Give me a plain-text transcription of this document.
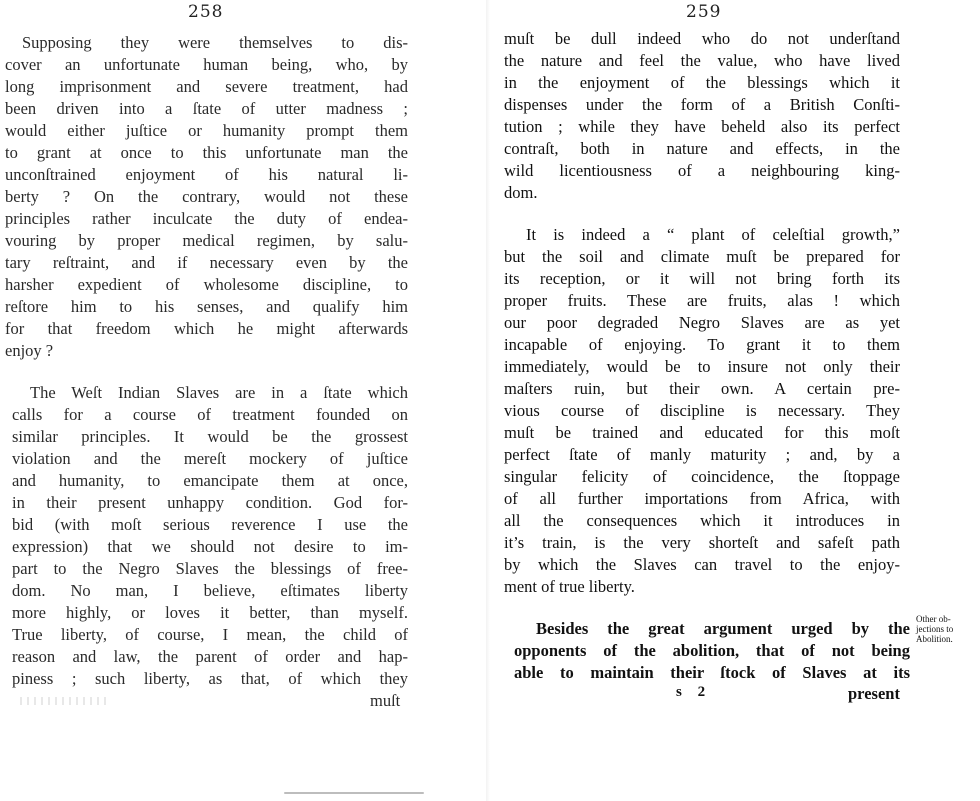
258
Supposing they were themselves to dis-
cover an unfortunate human being, who, by
long imprisonment and severe treatment, had
been driven into a ſtate of utter madness ;
would either juſtice or humanity prompt them
to grant at once to this unfortunate man the
unconſtrained enjoyment of his natural li-
berty ? On the contrary, would not these
principles rather inculcate the duty of endea-
vouring by proper medical regimen, by salu-
tary reſtraint, and if necessary even by the
harsher expedient of wholesome discipline, to
reſtore him to his senses, and qualify him
for that freedom which he might afterwards
enjoy ?
The Weſt Indian Slaves are in a ſtate which
calls for a course of treatment founded on
similar principles. It would be the grossest
violation and the mereſt mockery of juſtice
and humanity, to emancipate them at once,
in their present unhappy condition. God for-
bid (with moſt serious reverence I use the
expression) that we should not desire to im-
part to the Negro Slaves the blessings of free-
dom. No man, I believe, eſtimates liberty
more highly, or loves it better, than myself.
True liberty, of course, I mean, the child of
reason and law, the parent of order and hap-
piness ; such liberty, as that, of which they
muſt
259
muſt be dull indeed who do not underſtand
the nature and feel the value, who have lived
in the enjoyment of the blessings which it
dispenses under the form of a British Conſti-
tution ; while they have beheld also its perfect
contraſt, both in nature and effects, in the
wild licentiousness of a neighbouring king-
dom.
It is indeed a “ plant of celeſtial growth,”
but the soil and climate muſt be prepared for
its reception, or it will not bring forth its
proper fruits. These are fruits, alas ! which
our poor degraded Negro Slaves are as yet
incapable of enjoying. To grant it to them
immediately, would be to insure not only their
maſters ruin, but their own. A certain pre-
vious course of discipline is necessary. They
muſt be trained and educated for this moſt
perfect ſtate of manly maturity ; and, by a
singular felicity of coincidence, the ſtoppage
of all further importations from Africa, with
all the consequences which it introduces in
it’s train, is the very shorteſt and safeſt path
by which the Slaves can travel to the enjoy-
ment of true liberty.
Besides the great argument urged by the
opponents of the abolition, that of not being
able to maintain their ſtock of Slaves at its
s 2	present
Other ob-
jections to
Abolition.
